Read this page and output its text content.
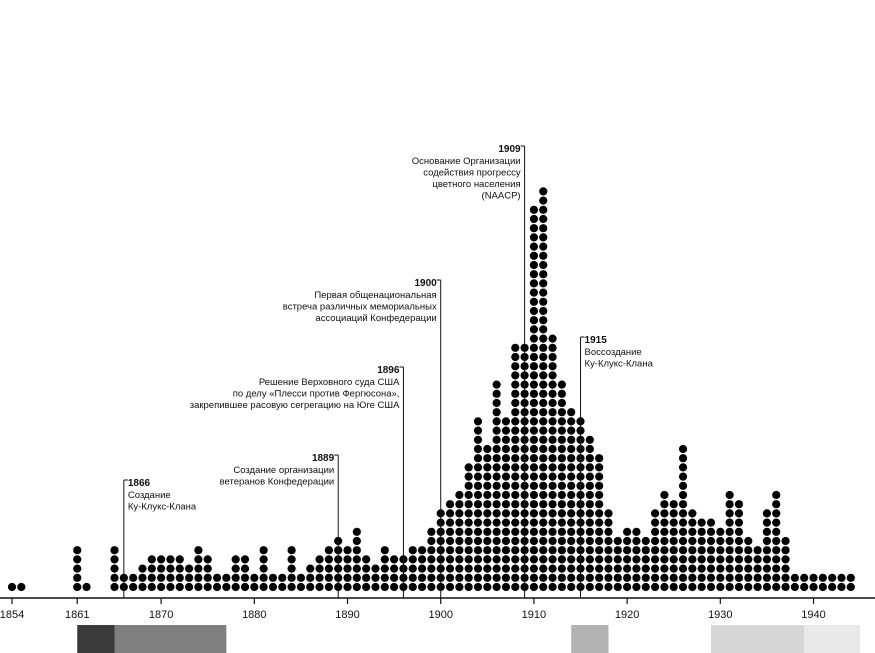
1854	1861	1870	1880	1890	1900	1910	1920	1930	1940
1866
Создание
Ку-Клукс-Клана
1889
Создание организации
ветеранов Конфедерации
1896
Решение Верховного суда США
по делу «Плесси против Фергюсона»,
закрепившее расовую сегрегацию на Юге США
1900
Первая общенациональная
встреча различных мемориальных
ассоциаций Конфедерации
1909
Основание Организации
содействия прогрессу
цветного населения
(NAACP)
1915
Воссоздание
Ку-Клукс-Клана
